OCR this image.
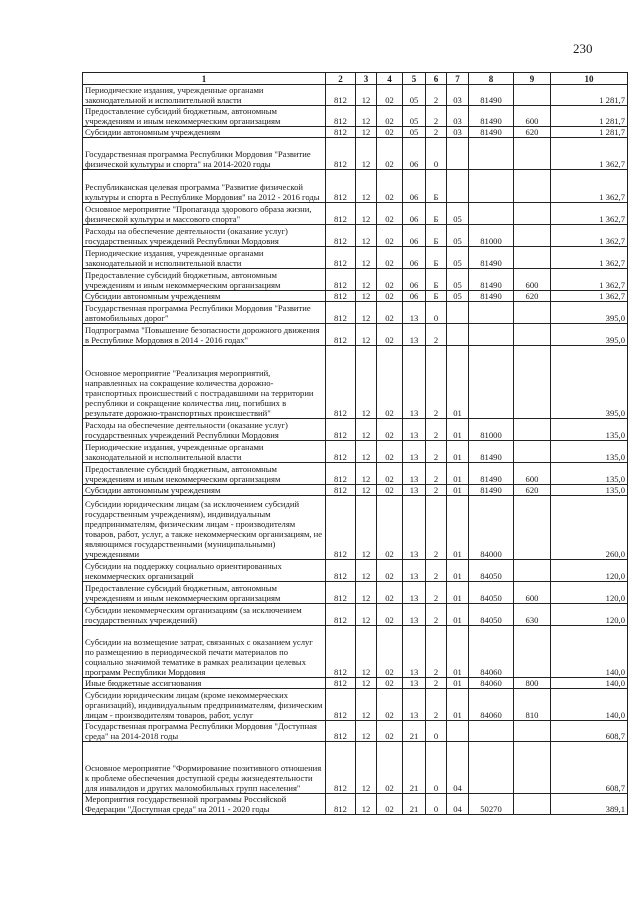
230
1	2	3	4	5	6	7	8	9	10
Периодические издания, учрежденные органами законодательной и исполнительной власти	812	12	02	05	2	03	81490		1 281,7
Предоставление субсидий бюджетным, автономным учреждениям и иным некоммерческим организациям	812	12	02	05	2	03	81490	600	1 281,7
Субсидии автономным учреждениям	812	12	02	05	2	03	81490	620	1 281,7
Государственная программа Республики Мордовия "Развитие физической культуры и спорта" на 2014-2020 годы	812	12	02	06	0				1 362,7
Республиканская целевая программа "Развитие физической культуры и спорта в Республике Мордовия" на 2012 - 2016 годы	812	12	02	06	Б				1 362,7
Основное мероприятие "Пропаганда здорового образа жизни, физической культуры и массового спорта"	812	12	02	06	Б	05			1 362,7
Расходы на обеспечение деятельности (оказание услуг) государственных учреждений Республики Мордовия	812	12	02	06	Б	05	81000		1 362,7
Периодические издания, учрежденные органами законодательной и исполнительной власти	812	12	02	06	Б	05	81490		1 362,7
Предоставление субсидий бюджетным, автономным учреждениям и иным некоммерческим организациям	812	12	02	06	Б	05	81490	600	1 362,7
Субсидии автономным учреждениям	812	12	02	06	Б	05	81490	620	1 362,7
Государственная программа Республики Мордовия "Развитие автомобильных дорог"	812	12	02	13	0				395,0
Подпрограмма "Повышение безопасности дорожного движения в Республике Мордовия в 2014 - 2016 годах"	812	12	02	13	2				395,0
Основное мероприятие "Реализация мероприятий, направленных на сокращение количества дорожно-транспортных происшествий с пострадавшими на территории республики и сокращение количества лиц, погибших в результате дорожно-транспортных происшествий"	812	12	02	13	2	01			395,0
Расходы на обеспечение деятельности (оказание услуг) государственных учреждений Республики Мордовия	812	12	02	13	2	01	81000		135,0
Периодические издания, учрежденные органами законодательной и исполнительной власти	812	12	02	13	2	01	81490		135,0
Предоставление субсидий бюджетным, автономным учреждениям и иным некоммерческим организациям	812	12	02	13	2	01	81490	600	135,0
Субсидии автономным учреждениям	812	12	02	13	2	01	81490	620	135,0
Субсидии юридическим лицам (за исключением субсидий государственным учреждениям), индивидуальным предпринимателям, физическим лицам - производителям товаров, работ, услуг, а также некоммерческим организациям, не являющимся государственными (муниципальными) учреждениями	812	12	02	13	2	01	84000		260,0
Субсидии на поддержку социально ориентированных некоммерческих организаций	812	12	02	13	2	01	84050		120,0
Предоставление субсидий бюджетным, автономным учреждениям и иным некоммерческим организациям	812	12	02	13	2	01	84050	600	120,0
Субсидии некоммерческим организациям (за исключением государственных учреждений)	812	12	02	13	2	01	84050	630	120,0
Субсидии на возмещение затрат, связанных с оказанием услуг по размещению в периодической печати материалов по социально значимой тематике в рамках реализации целевых программ Республики Мордовия	812	12	02	13	2	01	84060		140,0
Иные бюджетные ассигнования	812	12	02	13	2	01	84060	800	140,0
Субсидии юридическим лицам (кроме некоммерческих организаций), индивидуальным предпринимателям, физическим лицам - производителям товаров, работ, услуг	812	12	02	13	2	01	84060	810	140,0
Государственная программа Республики Мордовия "Доступная среда" на 2014-2018 годы	812	12	02	21	0				608,7
Основное мероприятие "Формирование позитивного отношения к проблеме обеспечения доступной среды жизнедеятельности для инвалидов и других маломобильных групп населения"	812	12	02	21	0	04			608,7
Мероприятия государственной программы Российской Федерации "Доступная среда" на 2011 - 2020 годы	812	12	02	21	0	04	50270		389,1
